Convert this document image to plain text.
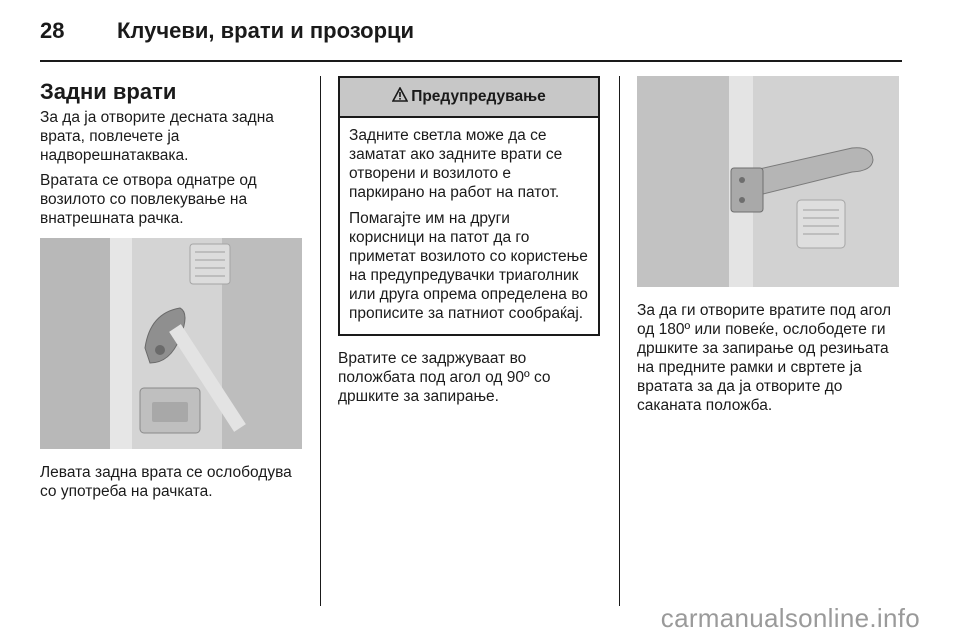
28 Клучеви, врати и прозорци
Задни врати

За да ја отворите десната задна врата, повлечете ја надворешнатаквака.

Вратата се отвора однатре од возилото со повлекување на внатрешната рачка.

Левата задна врата се ослободува со употреба на рачката.

Предупредување

Задните светла може да се заматат ако задните врати се отворени и возилото е паркирано на работ на патот.

Помагајте им на други корисници на патот да го приметат возилото со користење на предупредувачки триаголник или друга опрема определена во прописите за патниот сообраќај.

Вратите се задржуваат во положбата под агол од 90º со дршките за запирање.

За да ги отворите вратите под агол од 180º или повеќе, ослободете ги дршките за запирање од резињата на предните рамки и свртете ја вратата за да ја отворите до саканата положба.

carmanualsonline.info
